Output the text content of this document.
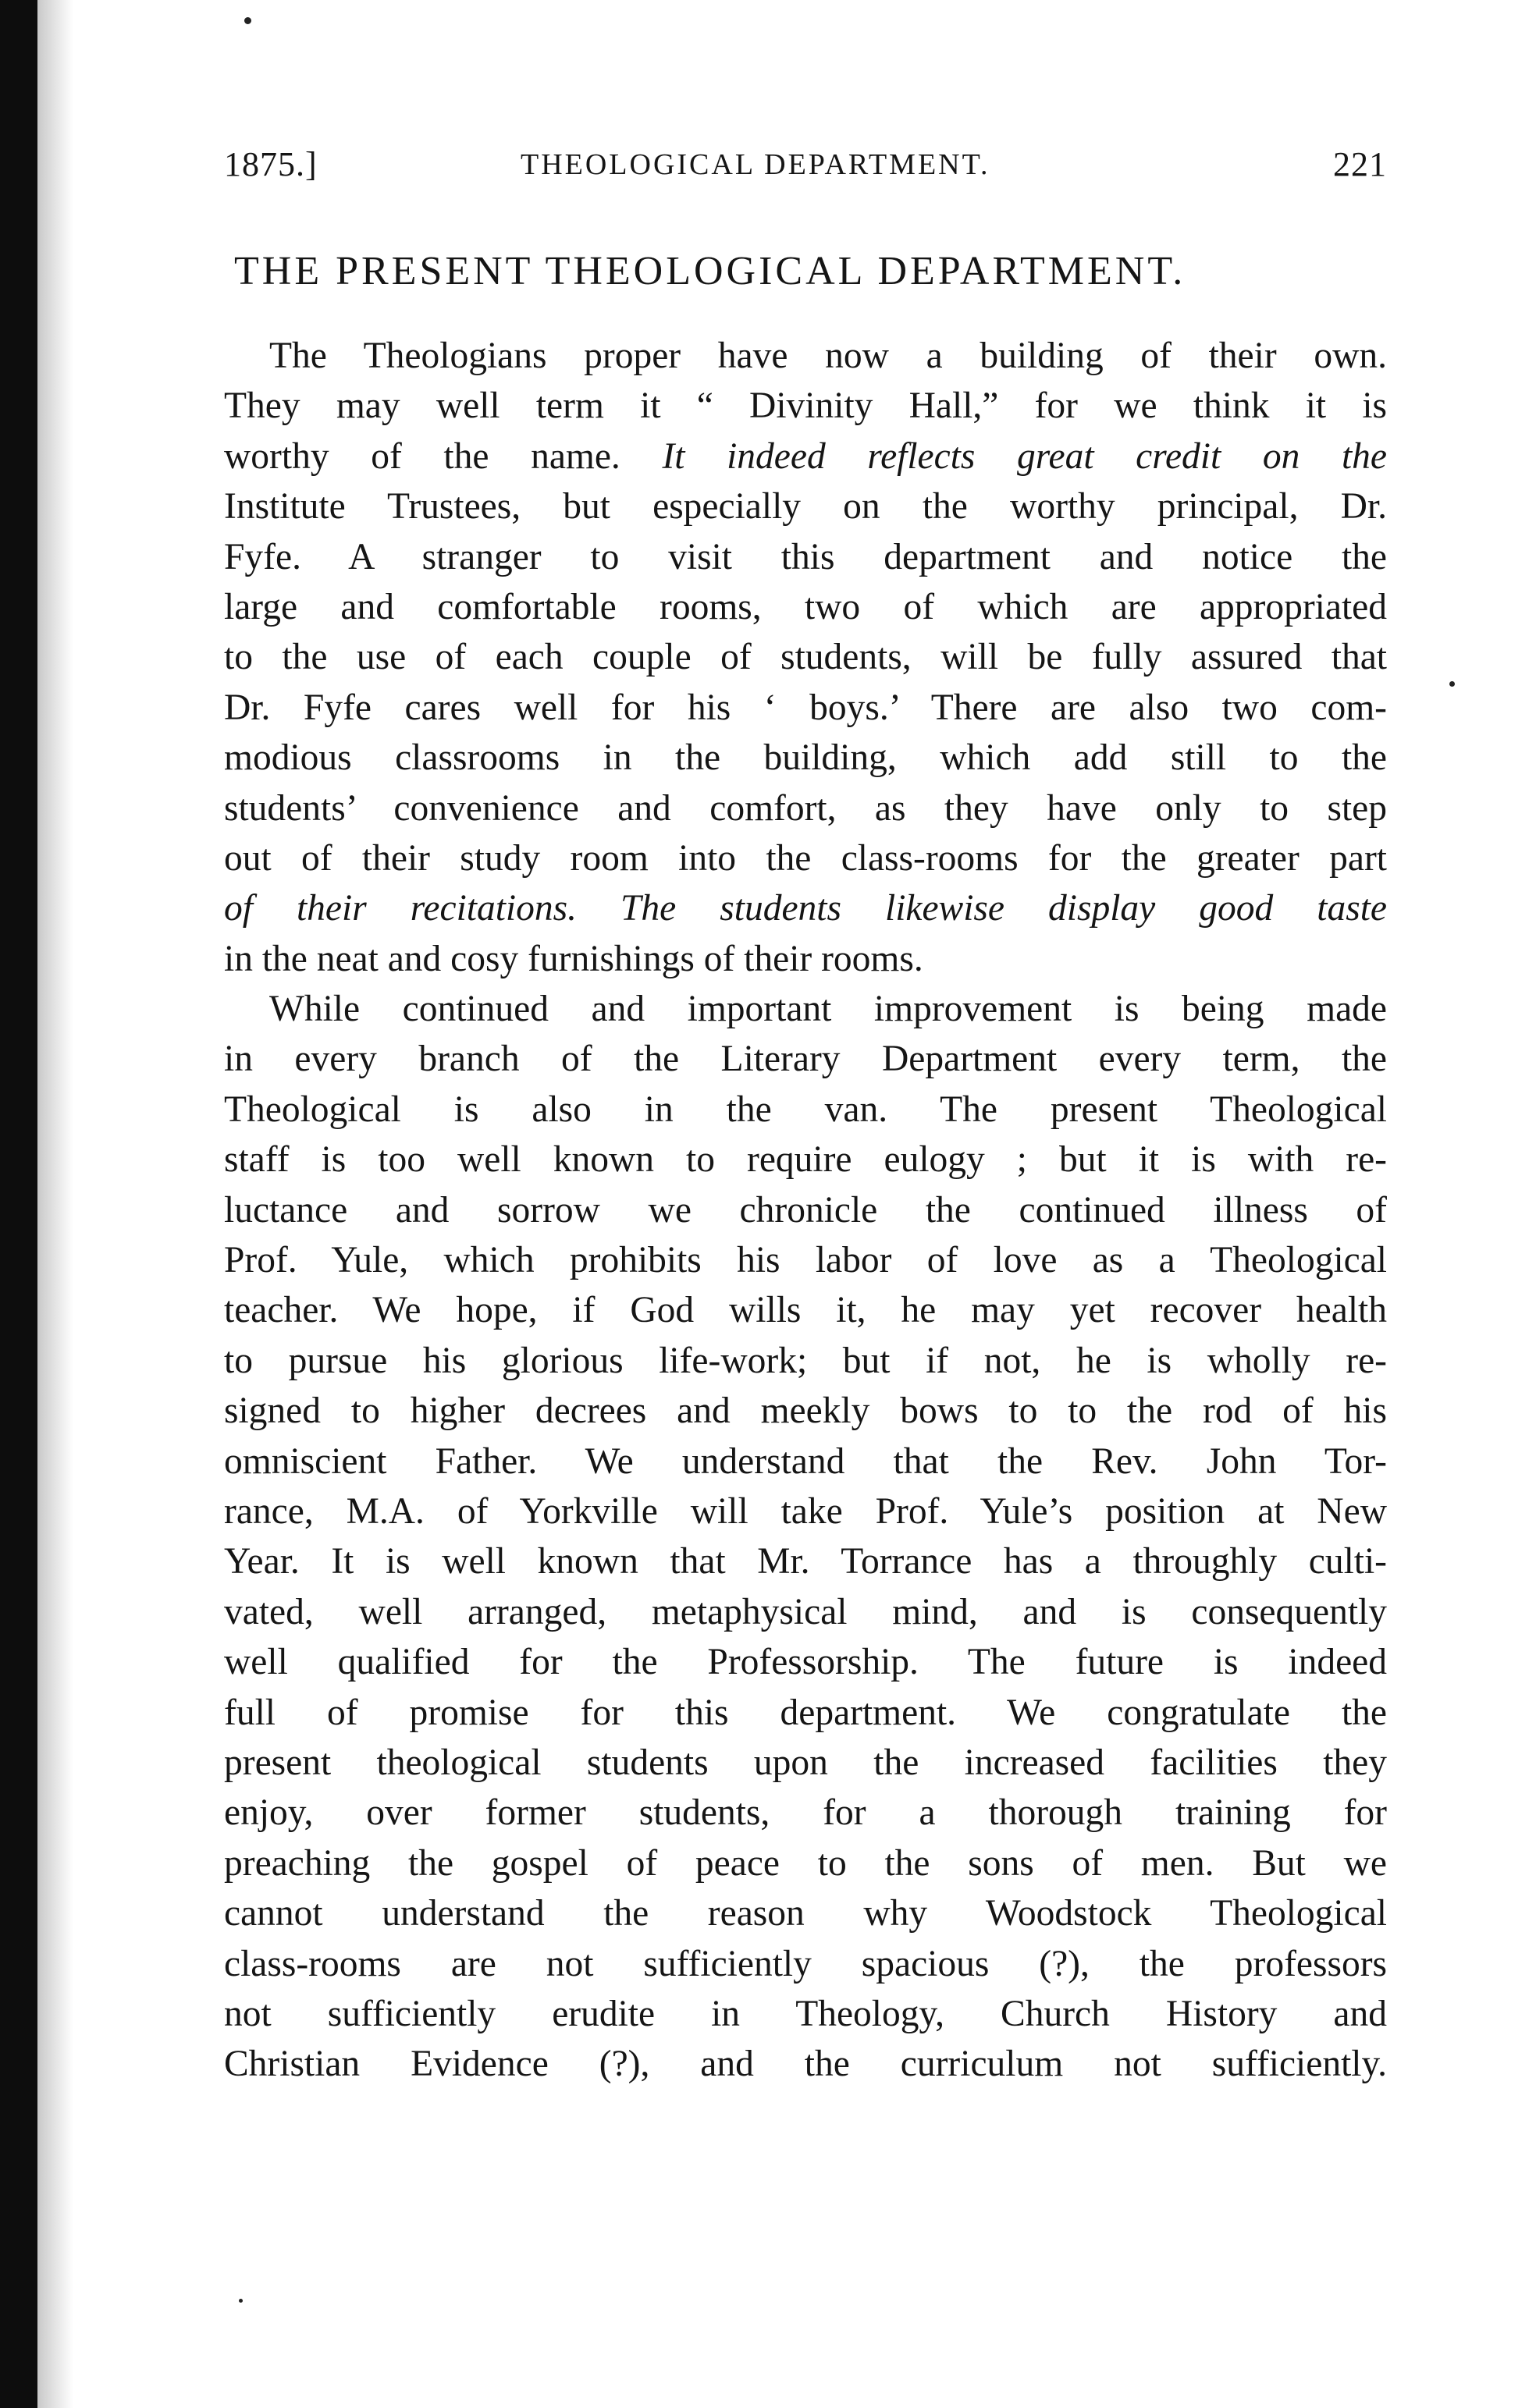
1875.]	THEOLOGICAL DEPARTMENT.	221
THE PRESENT THEOLOGICAL DEPARTMENT.
The Theologians proper have now a building of their own.
They may well term it “ Divinity Hall,” for we think it is
worthy of the name. It indeed reflects great credit on the
Institute Trustees, but especially on the worthy principal, Dr.
Fyfe. A stranger to visit this department and notice the
large and comfortable rooms, two of which are appropriated
to the use of each couple of students, will be fully assured that
Dr. Fyfe cares well for his ‘ boys.’ There are also two com-
modious classrooms in the building, which add still to the
students’ convenience and comfort, as they have only to step
out of their study room into the class-rooms for the greater part
of their recitations. The students likewise display good taste
in the neat and cosy furnishings of their rooms.
While continued and important improvement is being made
in every branch of the Literary Department every term, the
Theological is also in the van. The present Theological
staff is too well known to require eulogy ; but it is with re-
luctance and sorrow we chronicle the continued illness of
Prof. Yule, which prohibits his labor of love as a Theological
teacher. We hope, if God wills it, he may yet recover health
to pursue his glorious life-work; but if not, he is wholly re-
signed to higher decrees and meekly bows to to the rod of his
omniscient Father. We understand that the Rev. John Tor-
rance, M.A. of Yorkville will take Prof. Yule’s position at New
Year. It is well known that Mr. Torrance has a throughly culti-
vated, well arranged, metaphysical mind, and is consequently
well qualified for the Professorship. The future is indeed
full of promise for this department. We congratulate the
present theological students upon the increased facilities they
enjoy, over former students, for a thorough training for
preaching the gospel of peace to the sons of men. But we
cannot understand the reason why Woodstock Theological
class-rooms are not sufficiently spacious (?), the professors
not sufficiently erudite in Theology, Church History and
Christian Evidence (?), and the curriculum not sufficiently.
